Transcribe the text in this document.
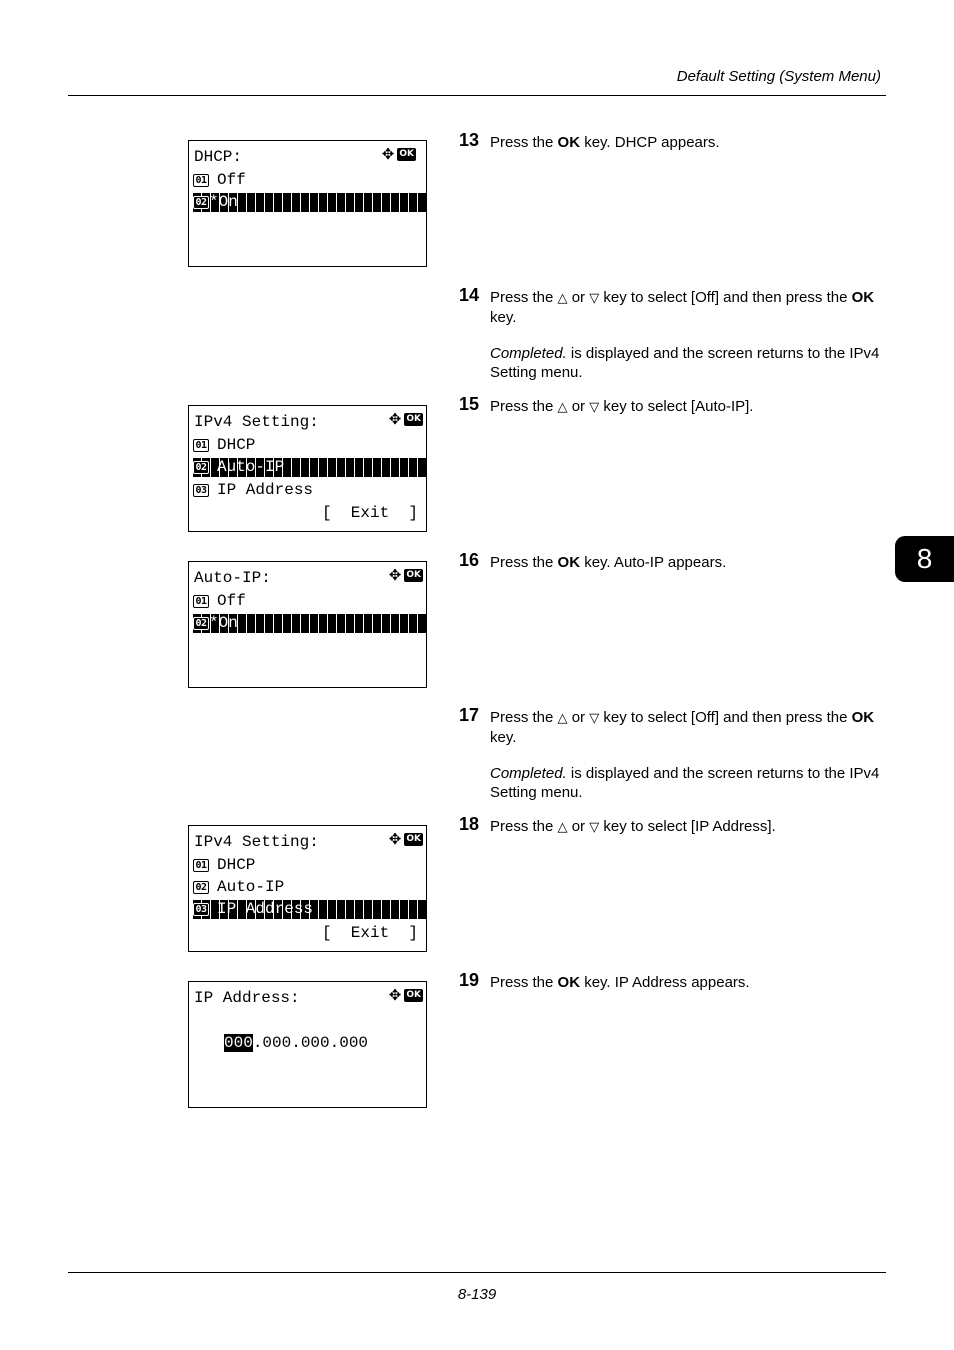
Default Setting (System Menu)
8
DHCP:	✥ OK
01 Off
02 *On
IPv4 Setting:	✥ OK
01 DHCP
02 Auto-IP
03 IP Address
[  Exit  ]
Auto-IP:	✥ OK
01 Off
02 *On
IPv4 Setting:	✥ OK
01 DHCP
02 Auto-IP
03 IP Address
[  Exit  ]
IP Address:	✥ OK
000.000.000.000
13 Press the OK key. DHCP appears.

14 Press the △ or ▽ key to select [Off] and then press the OK key.

Completed. is displayed and the screen returns to the IPv4 Setting menu.

15 Press the △ or ▽ key to select [Auto-IP].

16 Press the OK key. Auto-IP appears.

17 Press the △ or ▽ key to select [Off] and then press the OK key.

Completed. is displayed and the screen returns to the IPv4 Setting menu.

18 Press the △ or ▽ key to select [IP Address].

19 Press the OK key. IP Address appears.

8-139
